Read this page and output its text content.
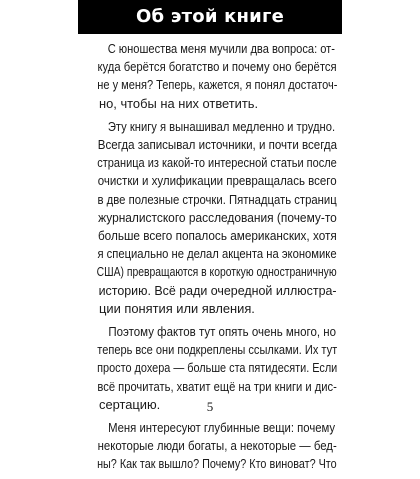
Об этой книге

С юношества меня мучили два вопроса: от-
куда берётся богатство и почему оно берётся
не у меня? Теперь, кажется, я понял достаточ-
но, чтобы на них ответить.

Эту книгу я вынашивал медленно и трудно.
Всегда записывал источники, и почти всегда
страница из какой-то интересной статьи после
очистки и хулификации превращалась всего
в две полезные строчки. Пятнадцать страниц
журналистского расследования (почему-то
больше всего попалось американских, хотя
я специально не делал акцента на экономике
США) превращаются в короткую одностраничную
историю. Всё ради очередной иллюстра-
ции понятия или явления.

Поэтому фактов тут опять очень много, но
теперь все они подкреплены ссылками. Их тут
просто дохера — больше ста пятидесяти. Если
всё прочитать, хватит ещё на три книги и дис-
сертацию.

Меня интересуют глубинные вещи: почему
некоторые люди богаты, а некоторые — бед-
ны? Как так вышло? Почему? Кто виноват? Что

5
